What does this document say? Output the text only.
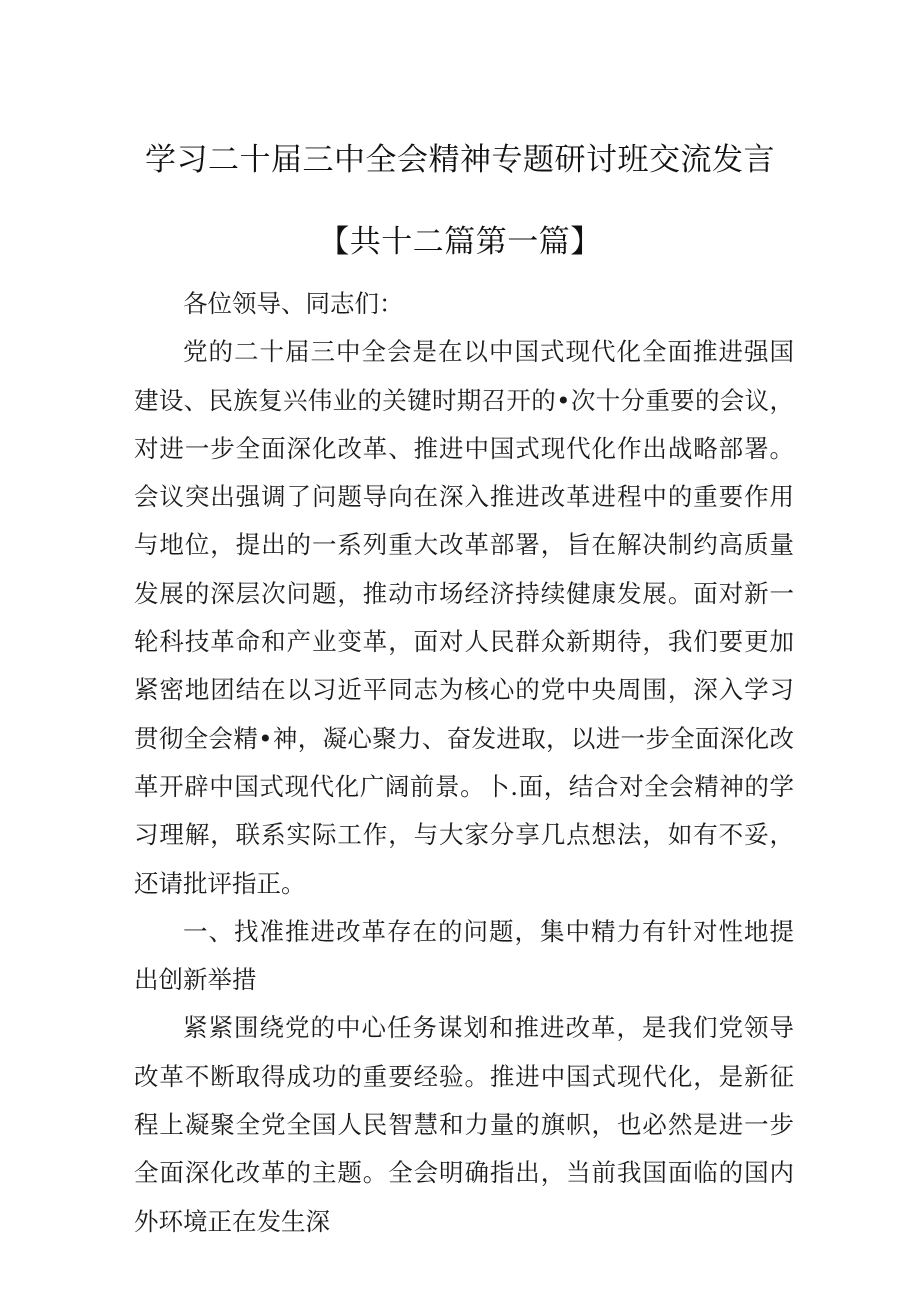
学习二十届三中全会精神专题研讨班交流发言
【共十二篇第一篇】

各位领导、同志们：

党的二十届三中全会是在以中国式现代化全面推进强国建设、民族复兴伟业的关键时期召开的•次十分重要的会议，对进一步全面深化改革、推进中国式现代化作出战略部署。会议突出强调了问题导向在深入推进改革进程中的重要作用与地位，提出的一系列重大改革部署，旨在解决制约高质量发展的深层次问题，推动市场经济持续健康发展。面对新一轮科技革命和产业变革，面对人民群众新期待，我们要更加紧密地团结在以习近平同志为核心的党中央周围，深入学习贯彻全会精•神，凝心聚力、奋发进取，以进一步全面深化改革开辟中国式现代化广阔前景。卜.面，结合对全会精神的学习理解，联系实际工作，与大家分享几点想法，如有不妥，还请批评指正。

一、找准推进改革存在的问题，集中精力有针对性地提出创新举措

紧紧围绕党的中心任务谋划和推进改革，是我们党领导改革不断取得成功的重要经验。推进中国式现代化，是新征程上凝聚全党全国人民智慧和力量的旗帜，也必然是进一步全面深化改革的主题。全会明确指出，当前我国面临的国内外环境正在发生深
